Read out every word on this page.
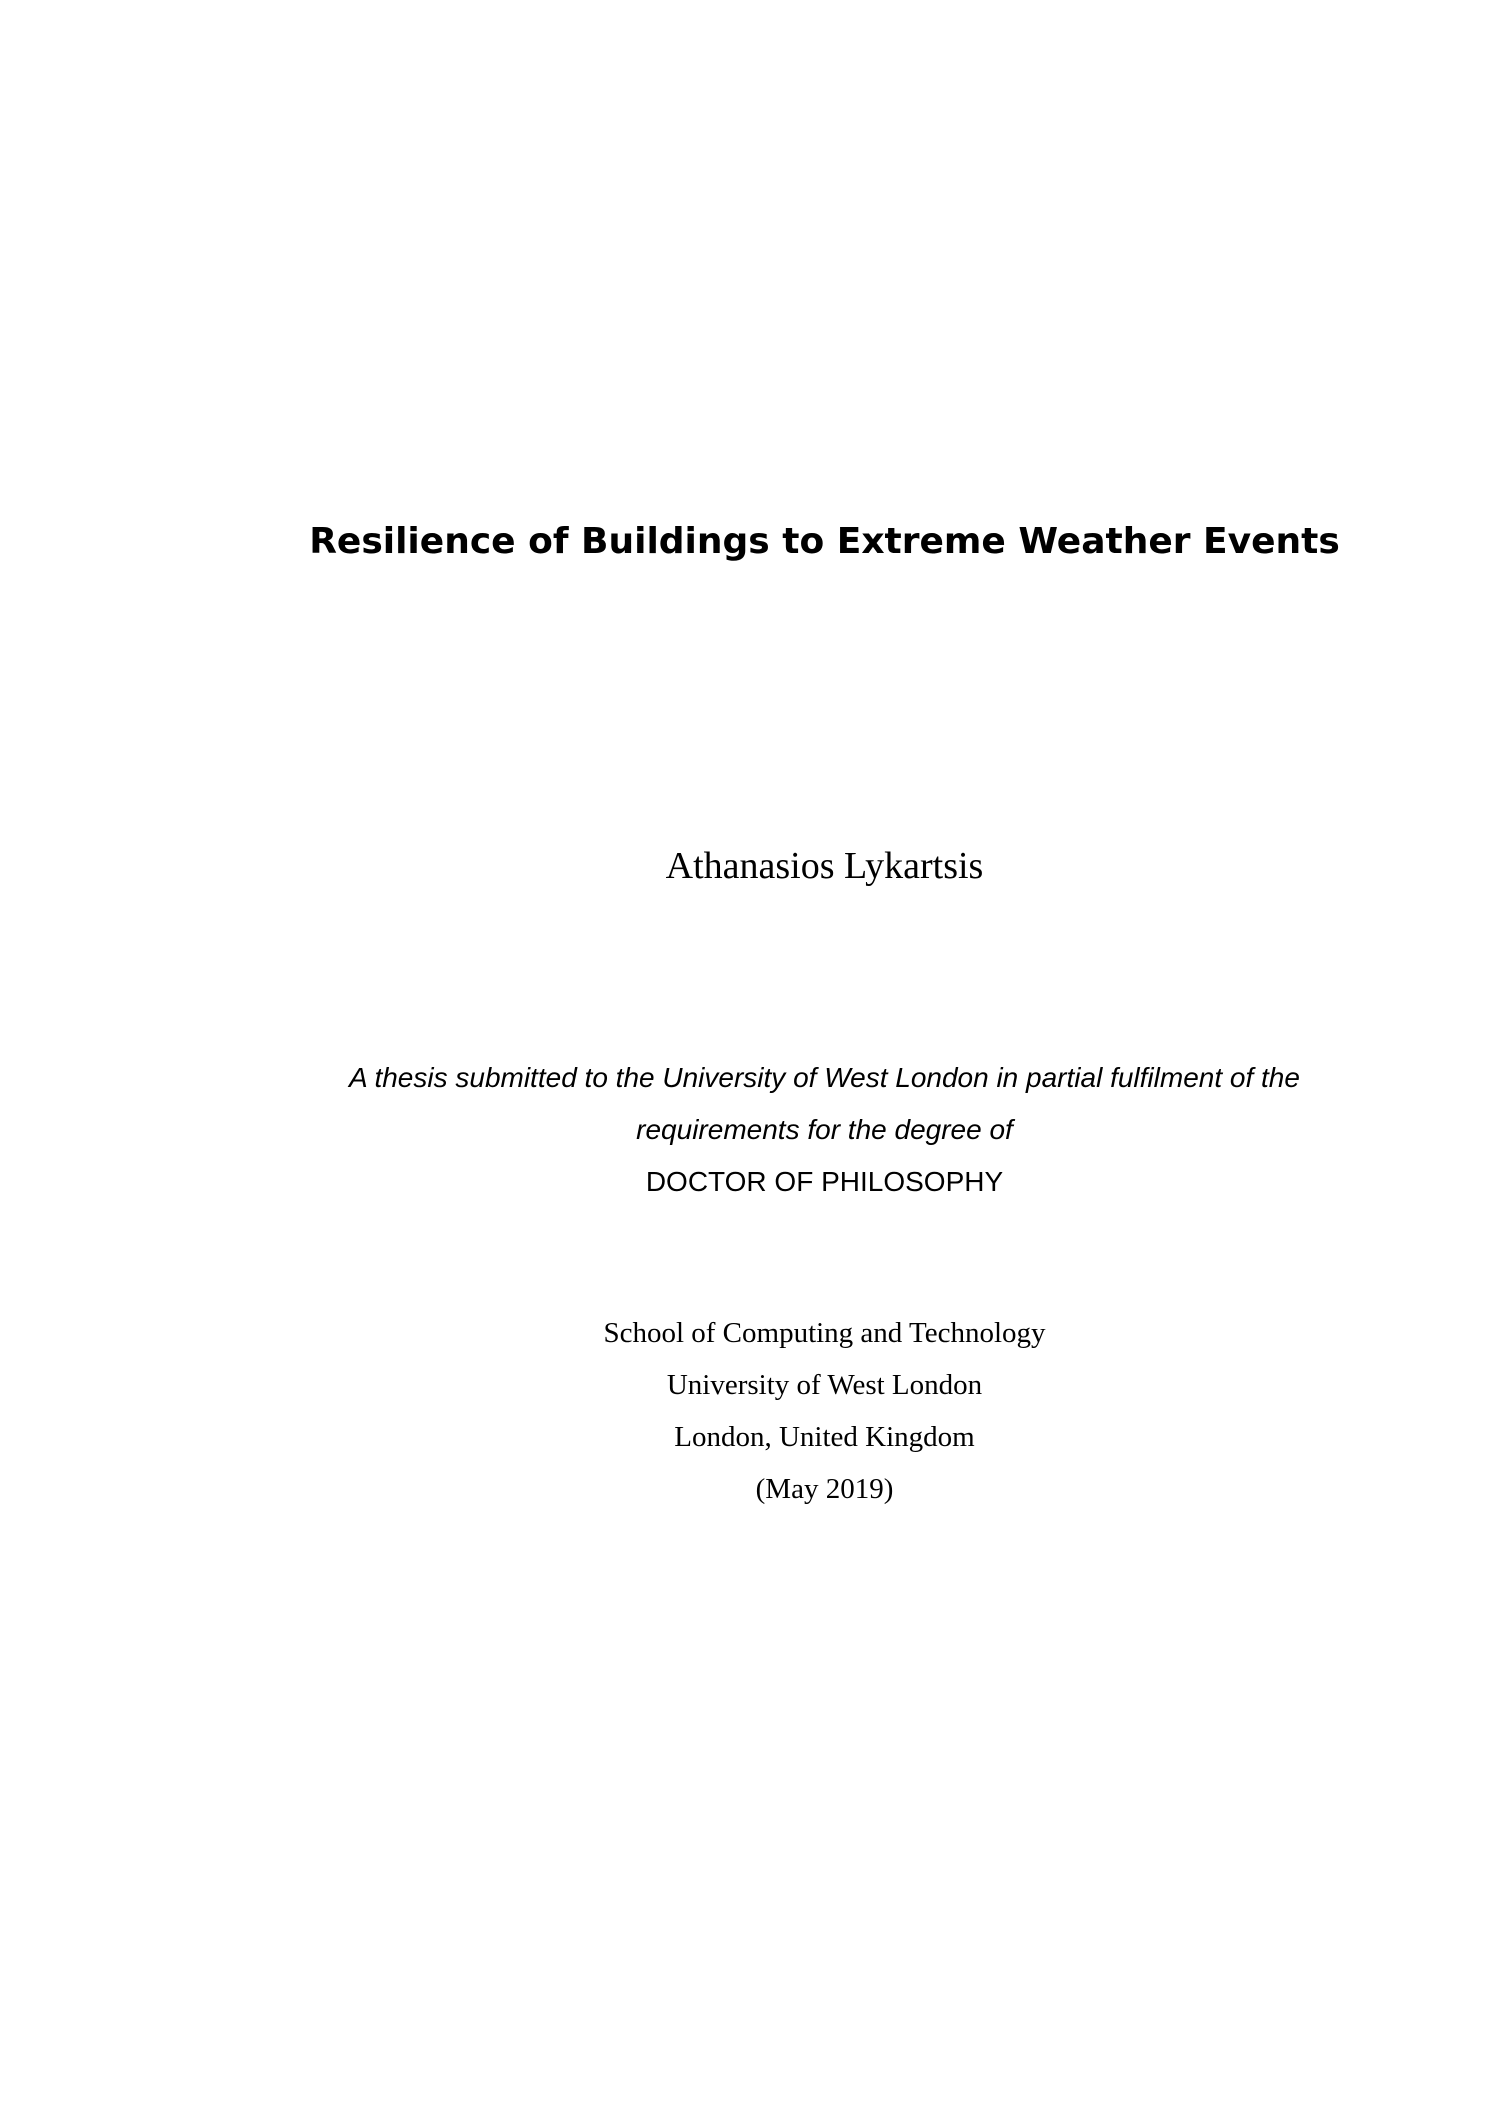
Resilience of Buildings to Extreme Weather Events
Athanasios Lykartsis
A thesis submitted to the University of West London in partial fulfilment of the requirements for the degree of
DOCTOR OF PHILOSOPHY
School of Computing and Technology
University of West London
London, United Kingdom
(May 2019)
